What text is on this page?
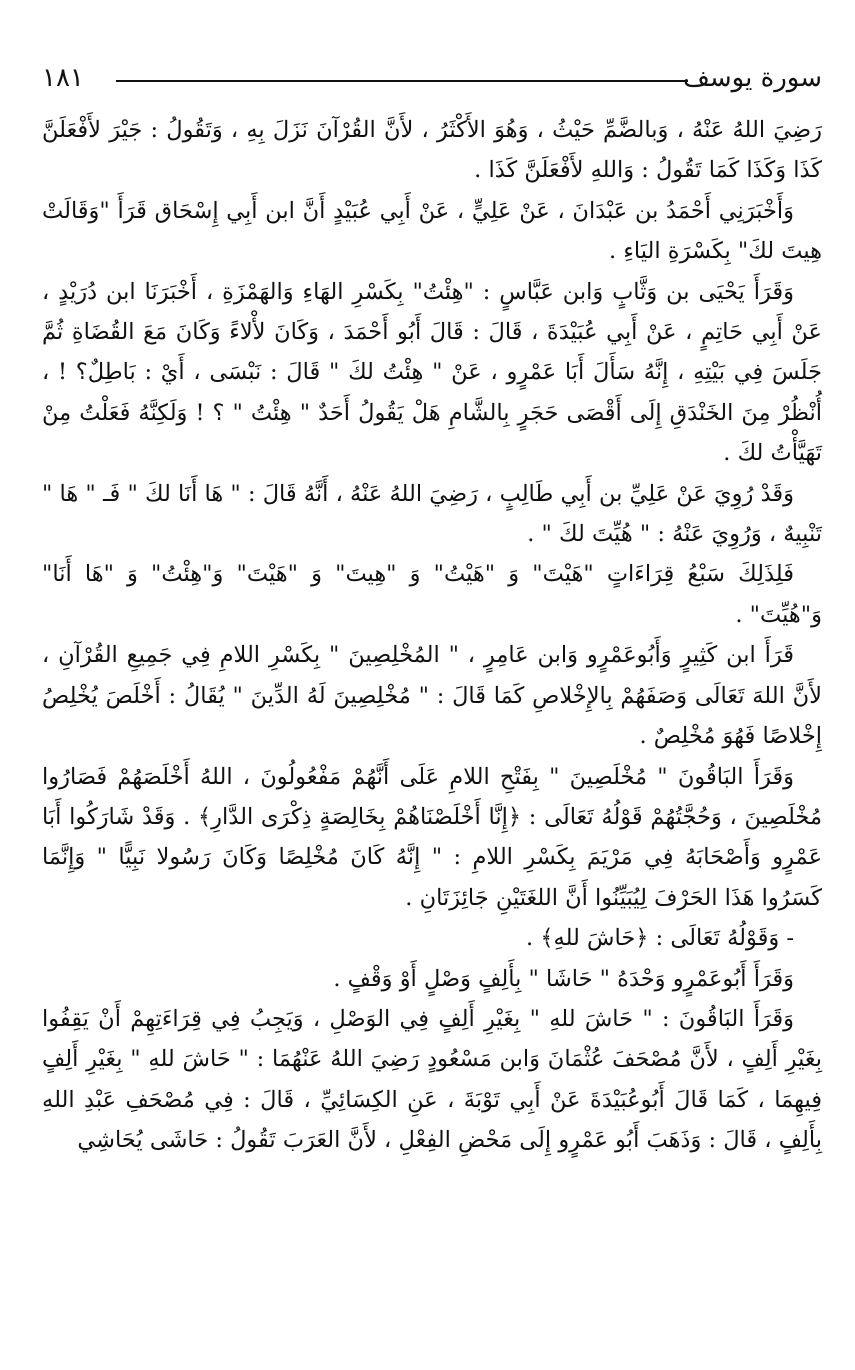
سورة يوسف
١٨١

رَضِيَ اللهُ عَنْهُ ، وَبالضَّمِّ حَيْثُ ، وَهُوَ الأَكْثَرُ ، لأَنَّ القُرْآنَ نَزَلَ بِهِ ، وَتَقُولُ : جَيْرَ لأَفْعَلَنَّ كَذَا وَكَذَا كَمَا تَقُولُ : وَاللهِ لأَفْعَلَنَّ كَذَا .

وَأَخْبَرَنِي أَحْمَدُ بن عَبْدَانَ ، عَنْ عَلِيٍّ ، عَنْ أَبِي عُبَيْدٍ أَنَّ ابن أَبِي إِسْحَاق قَرَأَ "وَقَالَتْ هِيتَ لكَ" بِكَسْرَةِ اليَاءِ .

وَقَرَأَ يَحْيَى بن وَثَّابٍ وَابن عَبَّاسٍ : "هِئْتُ" بِكَسْرِ الهَاءِ وَالهَمْزَةِ ، أَخْبَرَنَا ابن دُرَيْدٍ ، عَنْ أَبِي حَاتِمٍ ، عَنْ أَبِي عُبَيْدَةَ ، قَالَ : قَالَ أَبُو أَحْمَدَ ، وَكَانَ لأْلاءً وَكَانَ مَعَ القُضَاةِ ثُمَّ جَلَسَ فِي بَيْتِهِ ، إِنَّهُ سَأَلَ أَبَا عَمْرٍو ، عَنْ " هِئْتُ لكَ " قَالَ : نَبْسَى ، أَيْ : بَاطِلٌ؟ ! ، أُنْظُرْ مِنَ الخَنْدَقِ إِلَى أَقْصَى حَجَرٍ بِالشَّامِ هَلْ يَقُولُ أَحَدٌ " هِئْتُ " ؟ ! وَلَكِنَّهُ فَعَلْتُ مِنْ تَهَيَّأْتُ لكَ .

وَقَدْ رُوِيَ عَنْ عَلِيِّ بن أَبِي طَالِبٍ ، رَضِيَ اللهُ عَنْهُ ، أَنَّهُ قَالَ : " هَا أَنَا لكَ " فَـ " هَا " تَنْبِيهٌ ، وَرُوِيَ عَنْهُ : " هُيِّتَ لكَ " .

فَلِذَلِكَ سَبْعُ قِرَاءَاتٍ "هَيْتَ" وَ "هَيْتُ" وَ "هِيتَ" وَ "هَيْتَ" وَ"هِئْتُ" وَ "هَا أَنَا" وَ"هُيِّتَ" .

قَرَأَ ابن كَثِيرٍ وَأَبُوعَمْرٍو وَابن عَامِرٍ ، " المُخْلِصِينَ " بِكَسْرِ اللامِ فِي جَمِيعِ القُرْآنِ ، لأَنَّ اللهَ تَعَالَى وَصَفَهُمْ بِالإِخْلاصِ كَمَا قَالَ : " مُخْلِصِينَ لَهُ الدِّينَ " يُقَالُ : أَخْلَصَ يُخْلِصُ إِخْلاصًا فَهُوَ مُخْلِصٌ .

وَقَرَأَ البَاقُونَ " مُخْلَصِينَ " بِفَتْحِ اللامِ عَلَى أَنَّهُمْ مَفْعُولُونَ ، اللهُ أَخْلَصَهُمْ فَصَارُوا مُخْلَصِينَ ، وَحُجَّتُهُمْ قَوْلُهُ تَعَالَى : ﴿إِنَّا أَخْلَصْنَاهُمْ بِخَالِصَةٍ ذِكْرَى الدَّارِ﴾ . وَقَدْ شَارَكُوا أَبَا عَمْرٍو وَأَصْحَابَهُ فِي مَرْيَمَ بِكَسْرِ اللامِ : " إِنَّهُ كَانَ مُخْلِصًا وَكَانَ رَسُولا نَبِيًّا " وَإِنَّمَا كَسَرُوا هَذَا الحَرْفَ لِيُبَيِّنُوا أَنَّ اللغَتَيْنِ جَائِزَتَانِ .

- وَقَوْلُهُ تَعَالَى : ﴿حَاشَ للهِ﴾ .

وَقَرَأَ أَبُوعَمْرٍو وَحْدَهُ " حَاشَا " بِأَلِفٍ وَصْلٍ أَوْ وَقْفٍ .

وَقَرَأَ البَاقُونَ : " حَاشَ للهِ " بِغَيْرِ أَلِفٍ فِي الوَصْلِ ، وَيَجِبُ فِي قِرَاءَتِهِمْ أَنْ يَقِفُوا بِغَيْرِ أَلِفٍ ، لأَنَّ مُصْحَفَ عُثْمَانَ وَابن مَسْعُودٍ رَضِيَ اللهُ عَنْهُمَا : " حَاشَ للهِ " بِغَيْرِ أَلِفٍ فِيهِمَا ، كَمَا قَالَ أَبُوعُبَيْدَةَ عَنْ أَبِي تَوْبَةَ ، عَنِ الكِسَائِيِّ ، قَالَ : فِي مُصْحَفِ عَبْدِ اللهِ بِأَلِفٍ ، قَالَ : وَذَهَبَ أَبُو عَمْرٍو إِلَى مَحْضِ الفِعْلِ ، لأَنَّ العَرَبَ تَقُولُ : حَاشَى يُحَاشِي
